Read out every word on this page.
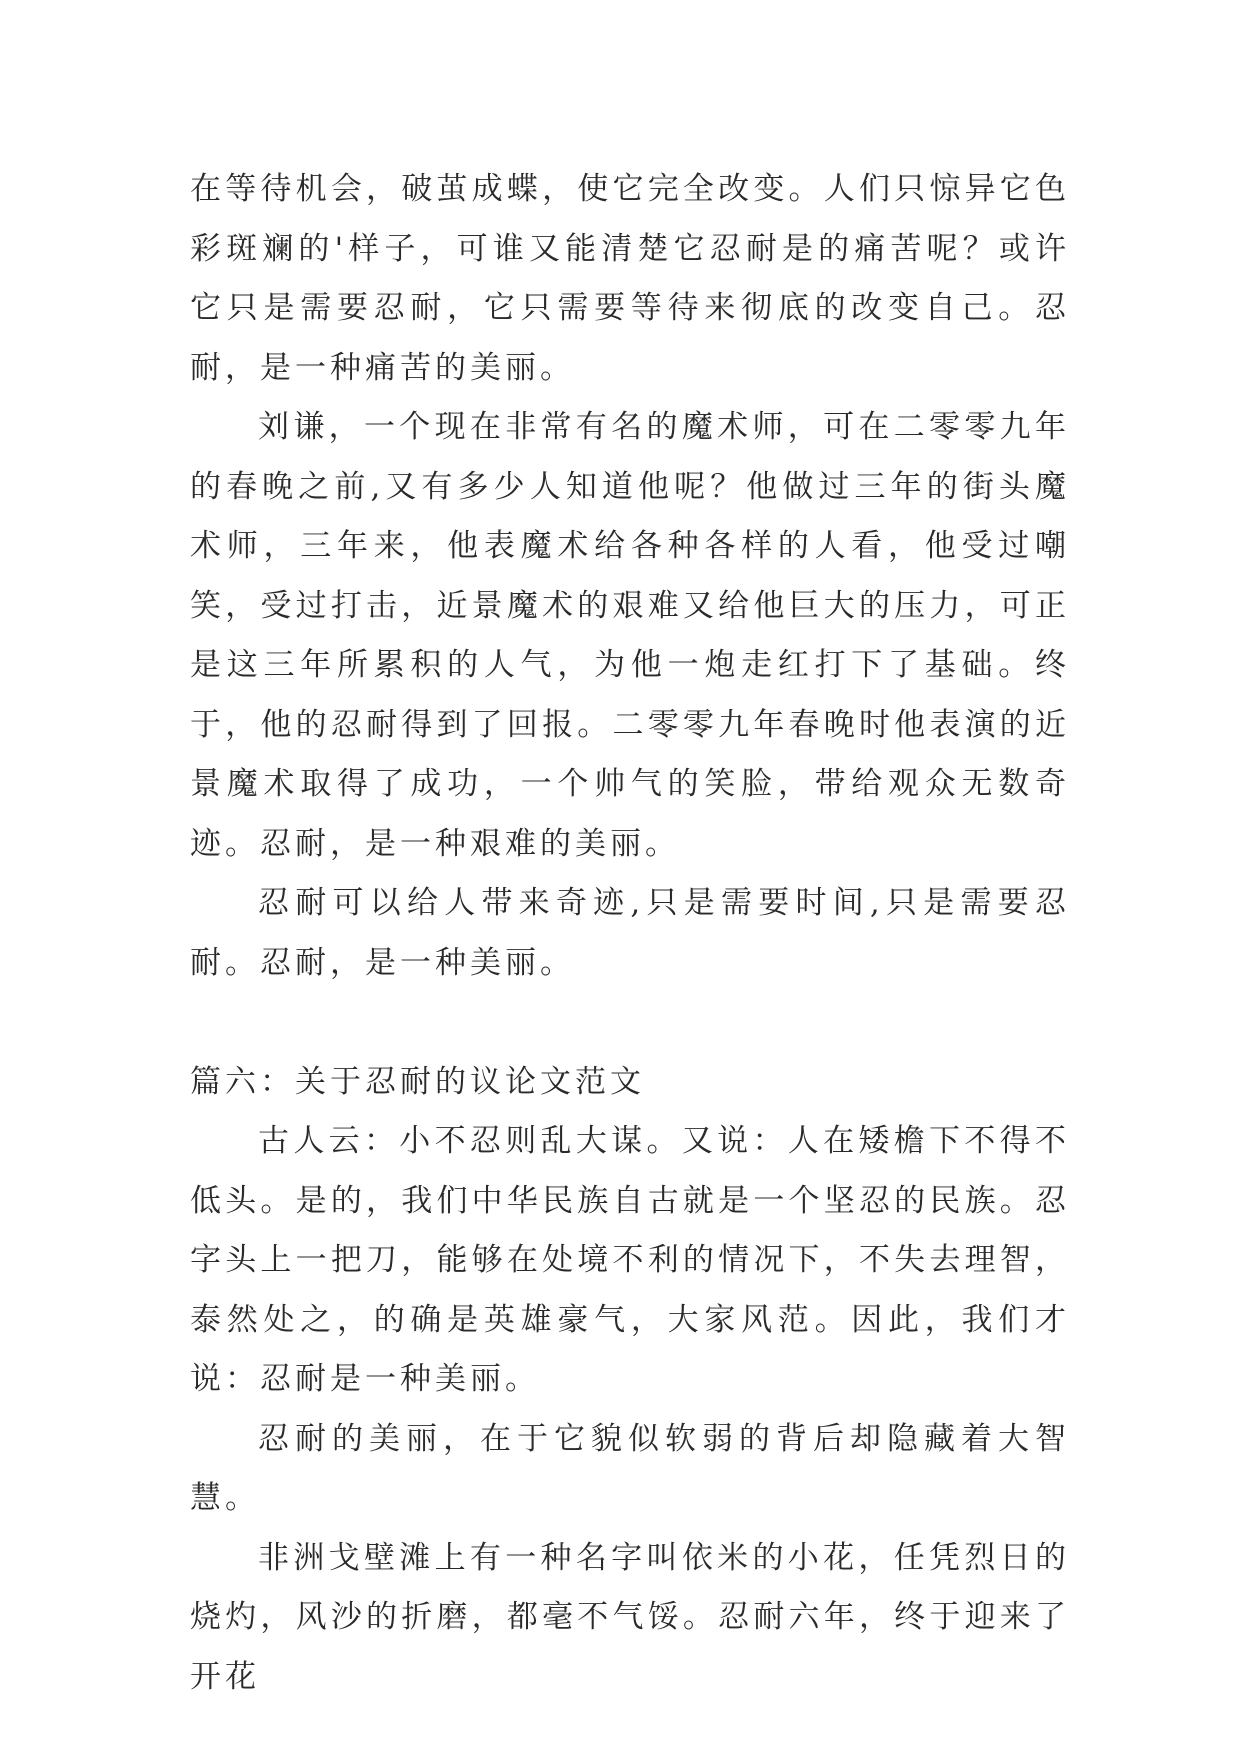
在等待机会，破茧成蝶，使它完全改变。人们只惊异它色彩斑斓的'样子，可谁又能清楚它忍耐是的痛苦呢？或许它只是需要忍耐，它只需要等待来彻底的改变自己。忍耐，是一种痛苦的美丽。

刘谦，一个现在非常有名的魔术师，可在二零零九年的春晚之前,又有多少人知道他呢？他做过三年的街头魔术师，三年来，他表魔术给各种各样的人看，他受过嘲笑，受过打击，近景魔术的艰难又给他巨大的压力，可正是这三年所累积的人气，为他一炮走红打下了基础。终于，他的忍耐得到了回报。二零零九年春晚时他表演的近景魔术取得了成功，一个帅气的笑脸，带给观众无数奇迹。忍耐，是一种艰难的美丽。

忍耐可以给人带来奇迹,只是需要时间,只是需要忍耐。忍耐，是一种美丽。

篇六：关于忍耐的议论文范文

古人云：小不忍则乱大谋。又说：人在矮檐下不得不低头。是的，我们中华民族自古就是一个坚忍的民族。忍字头上一把刀，能够在处境不利的情况下，不失去理智，泰然处之，的确是英雄豪气，大家风范。因此，我们才说：忍耐是一种美丽。

忍耐的美丽，在于它貌似软弱的背后却隐藏着大智慧。

非洲戈壁滩上有一种名字叫依米的小花，任凭烈日的烧灼，风沙的折磨，都毫不气馁。忍耐六年，终于迎来了开花
